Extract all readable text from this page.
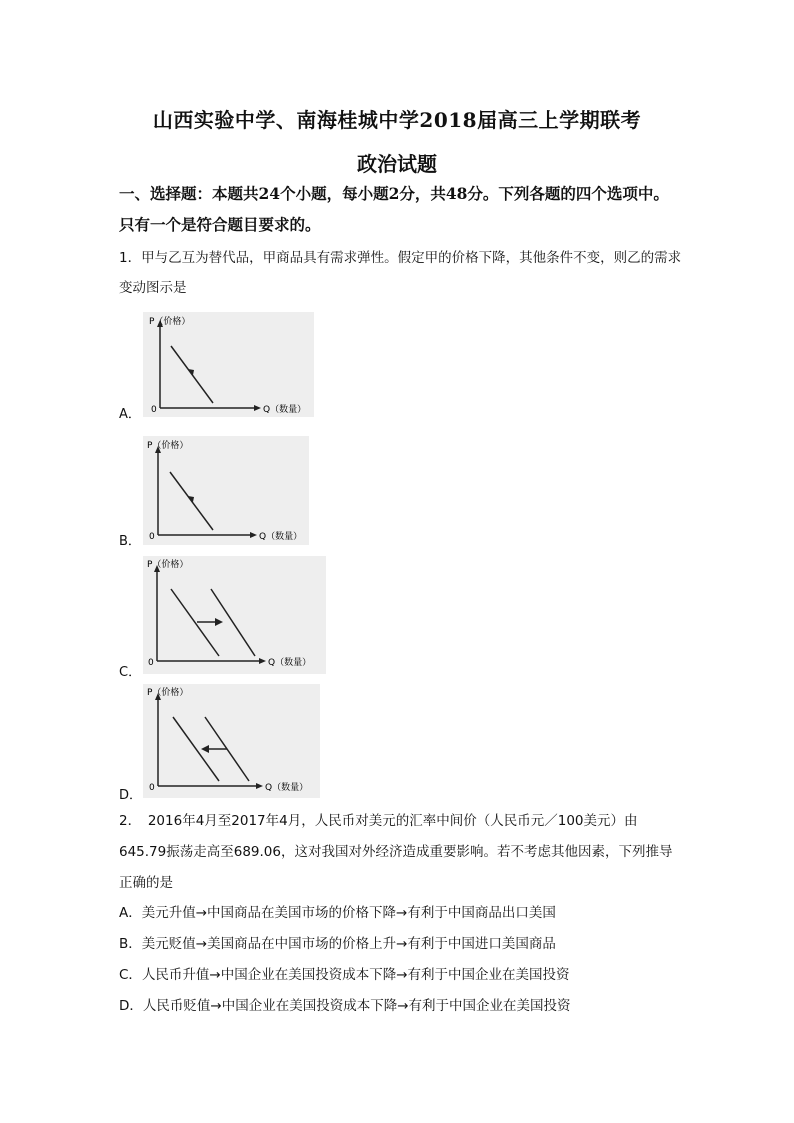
山西实验中学、南海桂城中学2018届高三上学期联考
政治试题
一、选择题：本题共24个小题，每小题2分，共48分。下列各题的四个选项中。只有一个是符合题目要求的。
1．甲与乙互为替代品，甲商品具有需求弹性。假定甲的价格下降，其他条件不变，则乙的需求变动图示是
A．
P（价格）
0	Q（数量）
B．
P（价格）
0	Q（数量）
C．
P（价格）
0	Q（数量）
D．
P（价格）
0	Q（数量）
2．　2016年4月至2017年4月，人民币对美元的汇率中间价（人民币元／100美元）由645.79振荡走高至689.06，这对我国对外经济造成重要影响。若不考虑其他因素，下列推导正确的是
A．美元升值→中国商品在美国市场的价格下降→有利于中国商品出口美国
B．美元贬值→美国商品在中国市场的价格上升→有利于中国进口美国商品
C．人民币升值→中国企业在美国投资成本下降→有利于中国企业在美国投资
D．人民币贬值→中国企业在美国投资成本下降→有利于中国企业在美国投资
